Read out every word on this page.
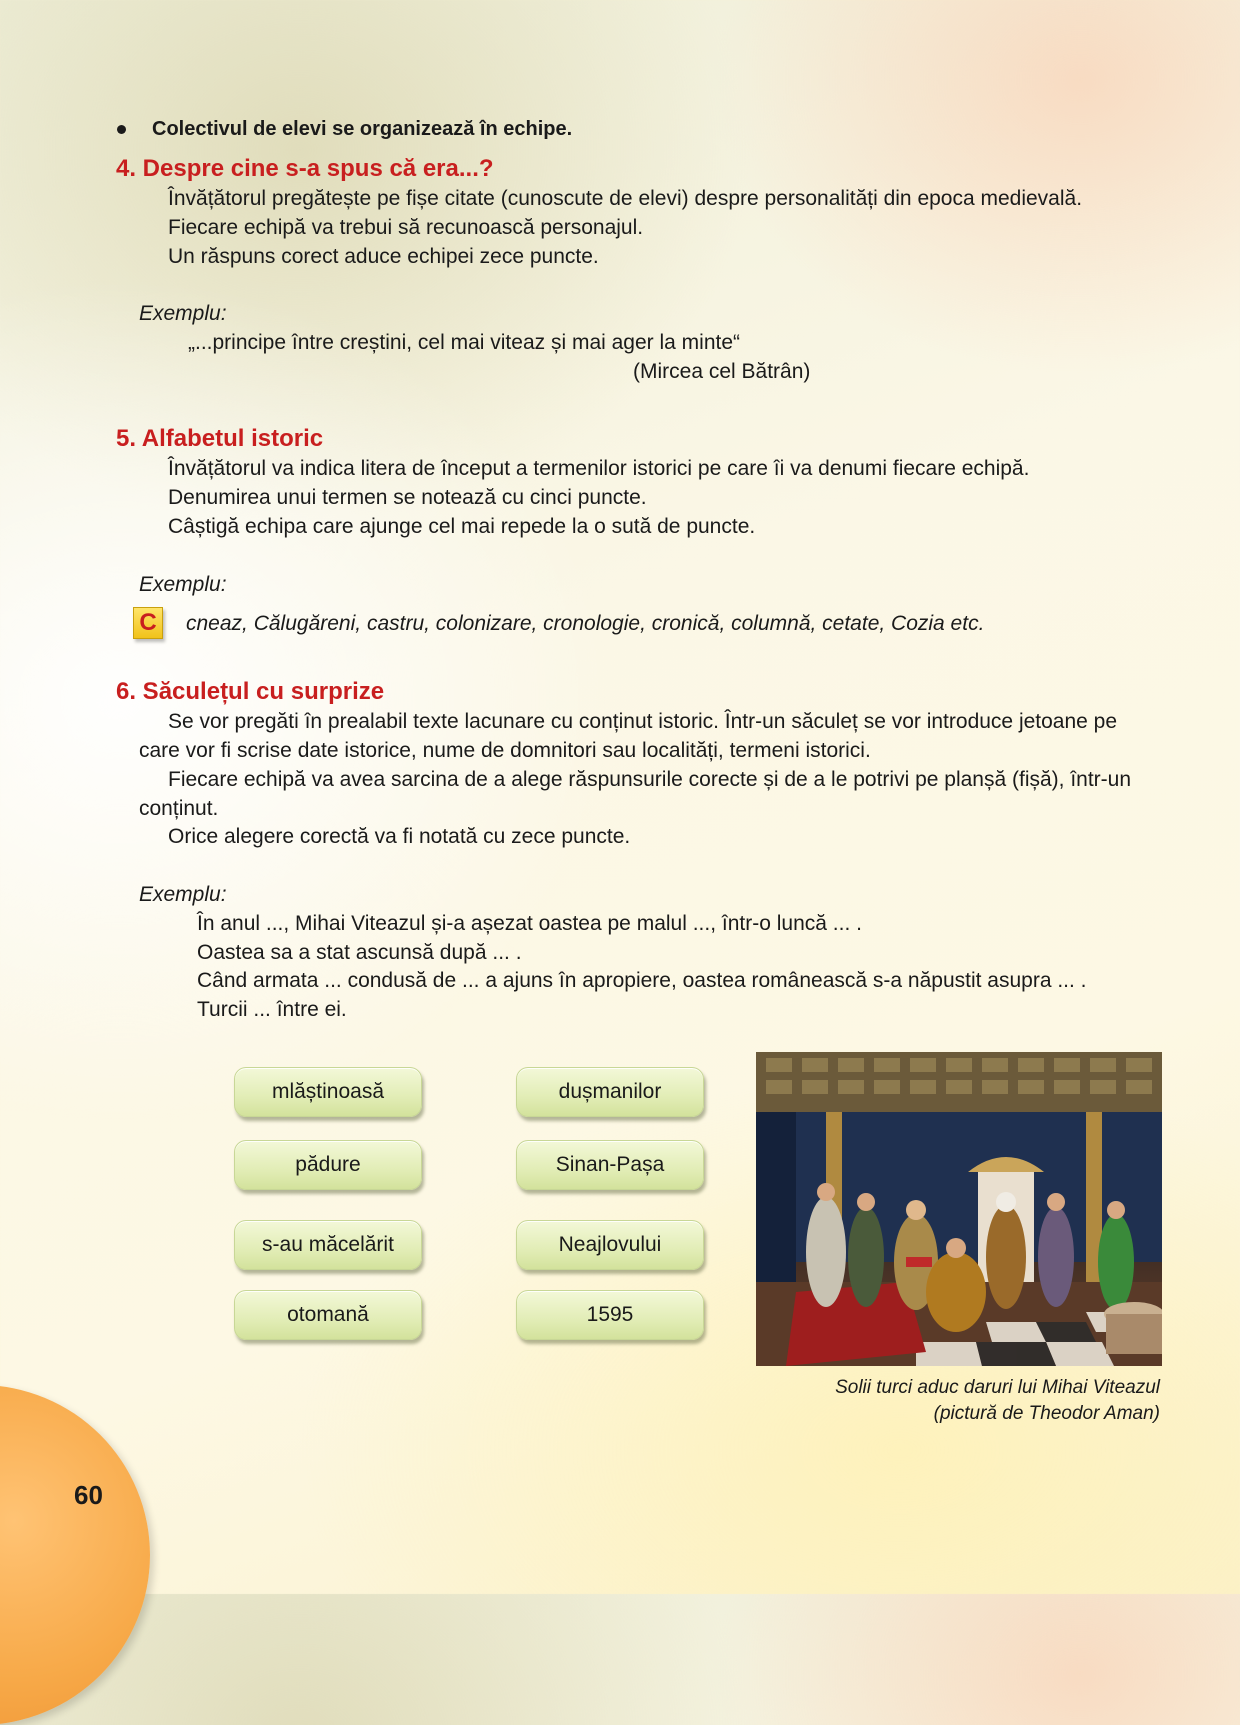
Colectivul de elevi se organizează în echipe.
4. Despre cine s-a spus că era...?
Învățătorul pregătește pe fișe citate (cunoscute de elevi) despre personalități din epoca medievală.
Fiecare echipă va trebui să recunoască personajul.
Un răspuns corect aduce echipei zece puncte.
Exemplu:
„...principe între creștini, cel mai viteaz și mai ager la minte“
(Mircea cel Bătrân)
5. Alfabetul istoric
Învățătorul va indica litera de început a termenilor istorici pe care îi va denumi fiecare echipă.
Denumirea unui termen se notează cu cinci puncte.
Câștigă echipa care ajunge cel mai repede la o sută de puncte.
Exemplu:
C	cneaz, Călugăreni, castru, colonizare, cronologie, cronică, columnă, cetate, Cozia etc.
6. Săculețul cu surprize
Se vor pregăti în prealabil texte lacunare cu conținut istoric. Într-un săculeț se vor introduce jetoane pe
care vor fi scrise date istorice, nume de domnitori sau localități, termeni istorici.
Fiecare echipă va avea sarcina de a alege răspunsurile corecte și de a le potrivi pe planșă (fișă), într-un
conținut.
Orice alegere corectă va fi notată cu zece puncte.
Exemplu:
În anul ..., Mihai Viteazul și-a așezat oastea pe malul ..., într-o luncă ... .
Oastea sa a stat ascunsă după ... .
Când armata ... condusă de ... a ajuns în apropiere, oastea românească s-a năpustit asupra ... .
Turcii ... între ei.
mlăștinoasă
pădure
s-au măcelărit
otomană
dușmanilor
Sinan-Pașa
Neajlovului
1595
Solii turci aduc daruri lui Mihai Viteazul
(pictură de Theodor Aman)
60
